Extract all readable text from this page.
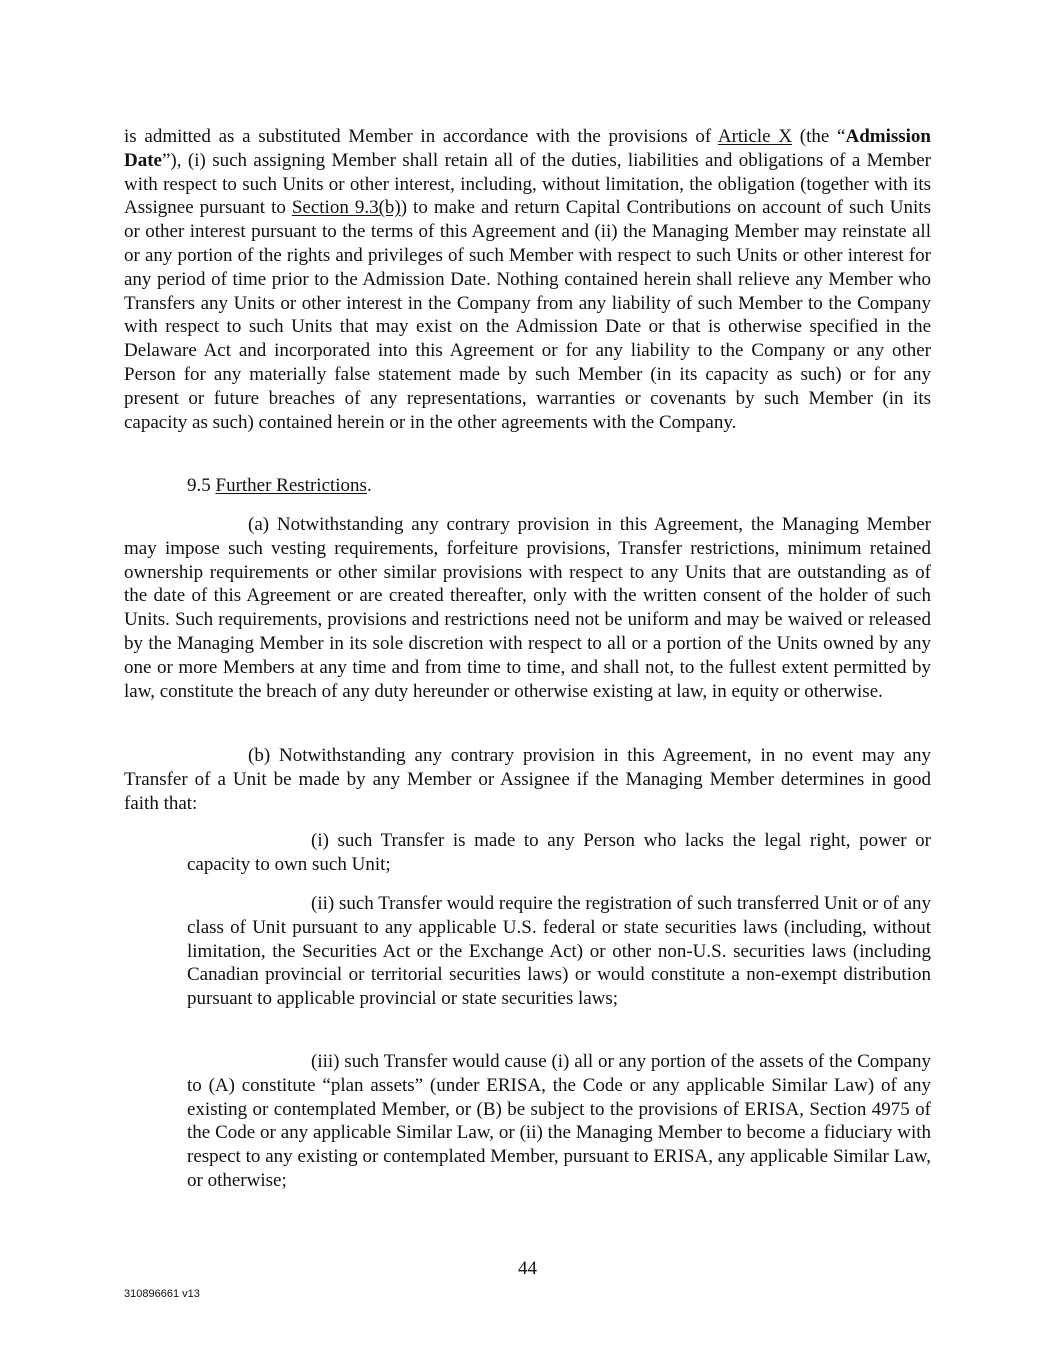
is admitted as a substituted Member in accordance with the provisions of Article X (the “Admission Date”), (i) such assigning Member shall retain all of the duties, liabilities and obligations of a Member with respect to such Units or other interest, including, without limitation, the obligation (together with its Assignee pursuant to Section 9.3(b)) to make and return Capital Contributions on account of such Units or other interest pursuant to the terms of this Agreement and (ii) the Managing Member may reinstate all or any portion of the rights and privileges of such Member with respect to such Units or other interest for any period of time prior to the Admission Date. Nothing contained herein shall relieve any Member who Transfers any Units or other interest in the Company from any liability of such Member to the Company with respect to such Units that may exist on the Admission Date or that is otherwise specified in the Delaware Act and incorporated into this Agreement or for any liability to the Company or any other Person for any materially false statement made by such Member (in its capacity as such) or for any present or future breaches of any representations, warranties or covenants by such Member (in its capacity as such) contained herein or in the other agreements with the Company.

9.5 Further Restrictions.

(a) Notwithstanding any contrary provision in this Agreement, the Managing Member may impose such vesting requirements, forfeiture provisions, Transfer restrictions, minimum retained ownership requirements or other similar provisions with respect to any Units that are outstanding as of the date of this Agreement or are created thereafter, only with the written consent of the holder of such Units. Such requirements, provisions and restrictions need not be uniform and may be waived or released by the Managing Member in its sole discretion with respect to all or a portion of the Units owned by any one or more Members at any time and from time to time, and shall not, to the fullest extent permitted by law, constitute the breach of any duty hereunder or otherwise existing at law, in equity or otherwise.

(b) Notwithstanding any contrary provision in this Agreement, in no event may any Transfer of a Unit be made by any Member or Assignee if the Managing Member determines in good faith that:

(i) such Transfer is made to any Person who lacks the legal right, power or capacity to own such Unit;

(ii) such Transfer would require the registration of such transferred Unit or of any class of Unit pursuant to any applicable U.S. federal or state securities laws (including, without limitation, the Securities Act or the Exchange Act) or other non-U.S. securities laws (including Canadian provincial or territorial securities laws) or would constitute a non-exempt distribution pursuant to applicable provincial or state securities laws;

(iii) such Transfer would cause (i) all or any portion of the assets of the Company to (A) constitute “plan assets” (under ERISA, the Code or any applicable Similar Law) of any existing or contemplated Member, or (B) be subject to the provisions of ERISA, Section 4975 of the Code or any applicable Similar Law, or (ii) the Managing Member to become a fiduciary with respect to any existing or contemplated Member, pursuant to ERISA, any applicable Similar Law, or otherwise;

44
310896661 v13
